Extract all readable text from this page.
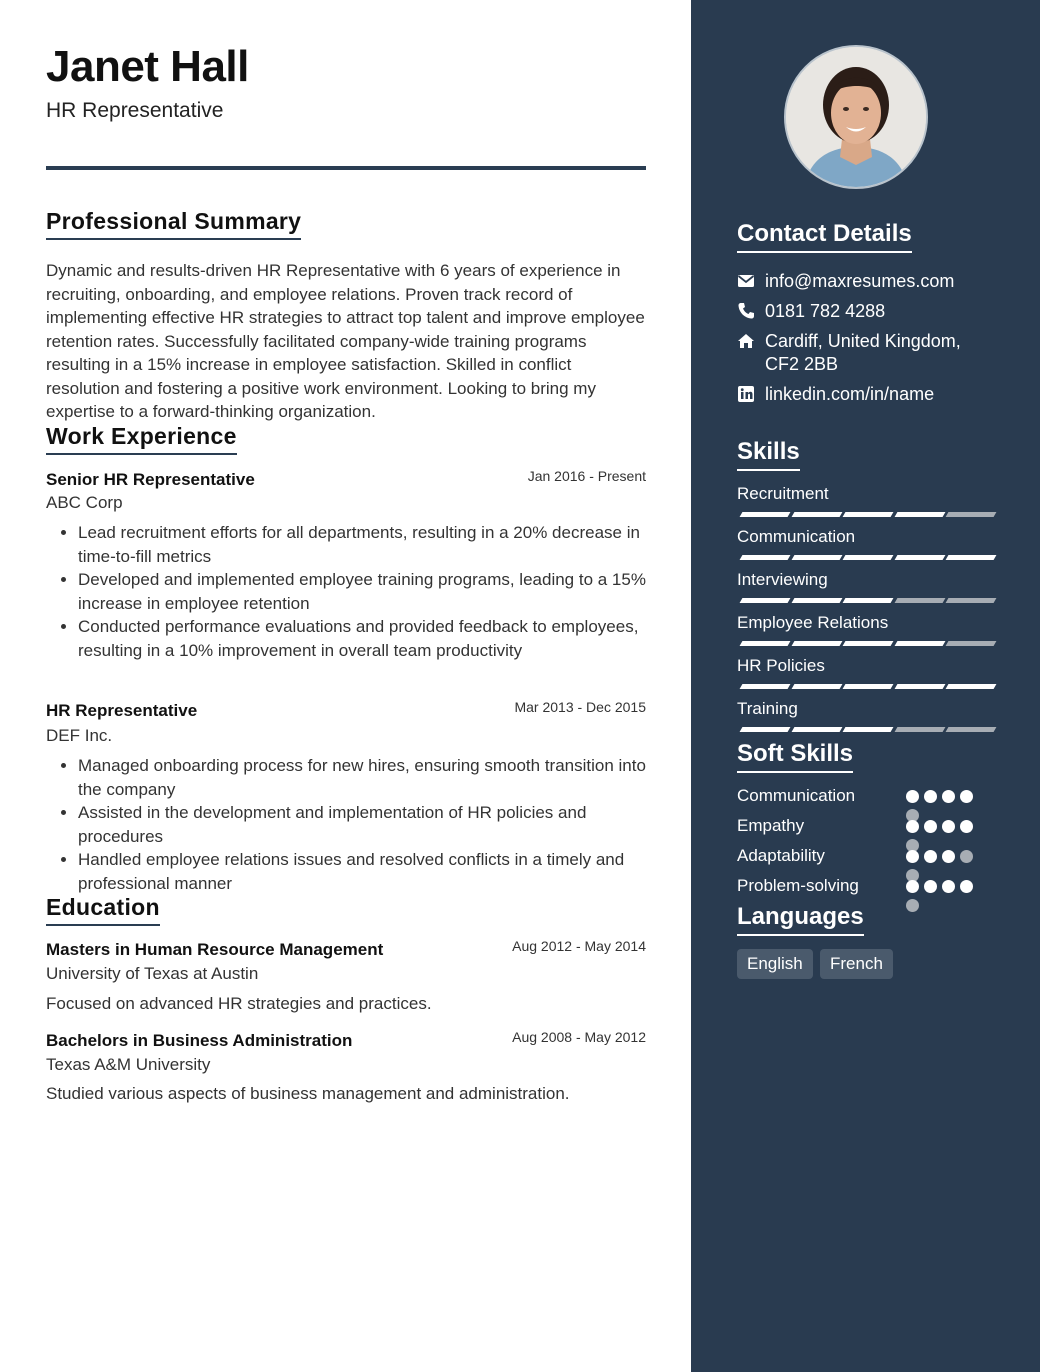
Janet Hall
HR Representative
Professional Summary
Dynamic and results-driven HR Representative with 6 years of experience in recruiting, onboarding, and employee relations. Proven track record of implementing effective HR strategies to attract top talent and improve employee retention rates. Successfully facilitated company-wide training programs resulting in a 15% increase in employee satisfaction. Skilled in conflict resolution and fostering a positive work environment. Looking to bring my expertise to a forward-thinking organization.
Work Experience
Senior HR Representative	Jan 2016 - Present
ABC Corp
• Lead recruitment efforts for all departments, resulting in a 20% decrease in time-to-fill metrics
• Developed and implemented employee training programs, leading to a 15% increase in employee retention
• Conducted performance evaluations and provided feedback to employees, resulting in a 10% improvement in overall team productivity
HR Representative	Mar 2013 - Dec 2015
DEF Inc.
• Managed onboarding process for new hires, ensuring smooth transition into the company
• Assisted in the development and implementation of HR policies and procedures
• Handled employee relations issues and resolved conflicts in a timely and professional manner
Education
Masters in Human Resource Management	Aug 2012 - May 2014
University of Texas at Austin
Focused on advanced HR strategies and practices.
Bachelors in Business Administration	Aug 2008 - May 2012
Texas A&M University
Studied various aspects of business management and administration.
Contact Details
info@maxresumes.com
0181 782 4288
Cardiff, United Kingdom,
CF2 2BB
linkedin.com/in/name
Skills
Recruitment
Communication
Interviewing
Employee Relations
HR Policies
Training
Soft Skills
Communication
Empathy
Adaptability
Problem-solving
Languages
English	French
